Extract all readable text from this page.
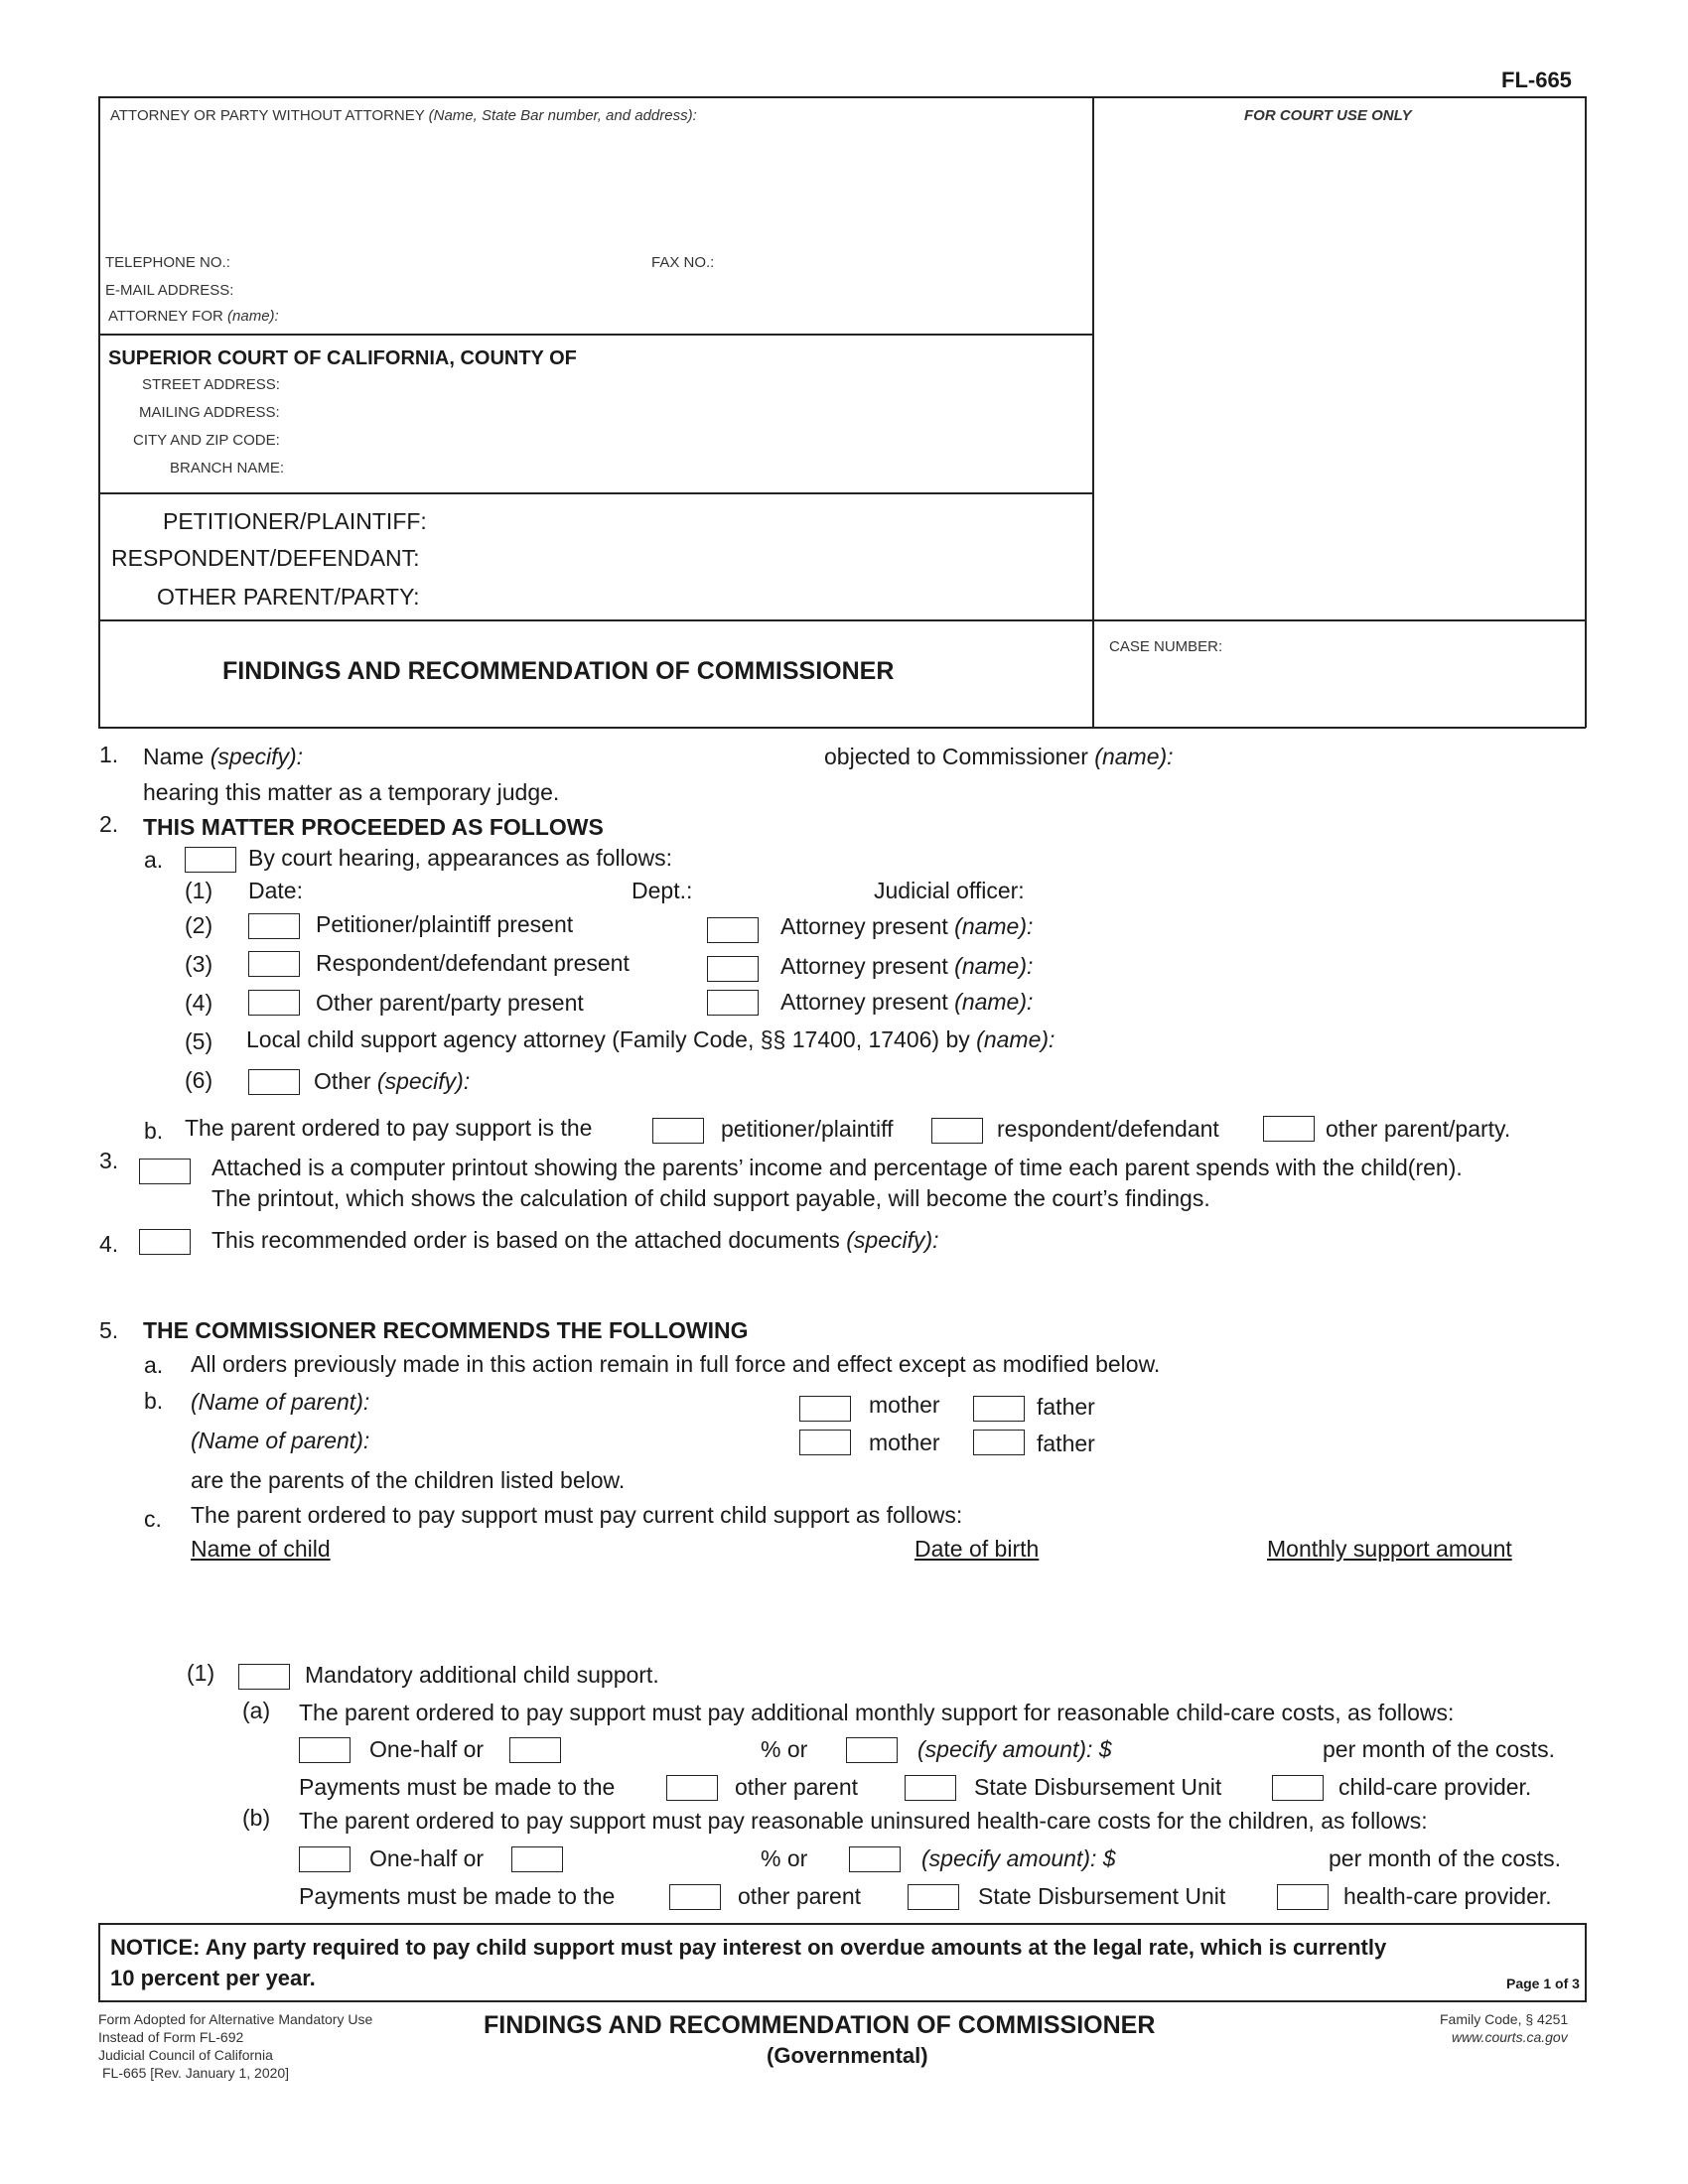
FL-665
ATTORNEY OR PARTY WITHOUT ATTORNEY (Name, State Bar number, and address):	FOR COURT USE ONLY
TELEPHONE NO.:	FAX NO.:
E-MAIL ADDRESS:
ATTORNEY FOR (name):
SUPERIOR COURT OF CALIFORNIA, COUNTY OF
STREET ADDRESS:
MAILING ADDRESS:
CITY AND ZIP CODE:
BRANCH NAME:
PETITIONER/PLAINTIFF:
RESPONDENT/DEFENDANT:
OTHER PARENT/PARTY:
FINDINGS AND RECOMMENDATION OF COMMISSIONER
CASE NUMBER:
1. Name (specify):	objected to Commissioner (name):
hearing this matter as a temporary judge.
2. THIS MATTER PROCEEDED AS FOLLOWS
a.	By court hearing, appearances as follows:
(1) Date:	Dept.:	Judicial officer:
(2)	Petitioner/plaintiff present	Attorney present (name):
(3)	Respondent/defendant present	Attorney present (name):
(4)	Other parent/party present	Attorney present (name):
(5) Local child support agency attorney (Family Code, §§ 17400, 17406) by (name):
(6)	Other (specify):
b. The parent ordered to pay support is the	petitioner/plaintiff	respondent/defendant	other parent/party.
3.	Attached is a computer printout showing the parents’ income and percentage of time each parent spends with the child(ren).
The printout, which shows the calculation of child support payable, will become the court’s findings.
4.	This recommended order is based on the attached documents (specify):
5. THE COMMISSIONER RECOMMENDS THE FOLLOWING
a. All orders previously made in this action remain in full force and effect except as modified below.
b. (Name of parent):	mother	father
(Name of parent):	mother	father
are the parents of the children listed below.
c. The parent ordered to pay support must pay current child support as follows:
Name of child	Date of birth	Monthly support amount
(1)	Mandatory additional child support.
(a) The parent ordered to pay support must pay additional monthly support for reasonable child-care costs, as follows:
One-half or	% or	(specify amount): $	per month of the costs.
Payments must be made to the	other parent	State Disbursement Unit	child-care provider.
(b) The parent ordered to pay support must pay reasonable uninsured health-care costs for the children, as follows:
One-half or	% or	(specify amount): $	per month of the costs.
Payments must be made to the	other parent	State Disbursement Unit	health-care provider.
NOTICE: Any party required to pay child support must pay interest on overdue amounts at the legal rate, which is currently
10 percent per year.	Page 1 of 3
Form Adopted for Alternative Mandatory Use
Instead of Form FL-692
Judicial Council of California
FL-665 [Rev. January 1, 2020]
FINDINGS AND RECOMMENDATION OF COMMISSIONER
(Governmental)
Family Code, § 4251
www.courts.ca.gov
